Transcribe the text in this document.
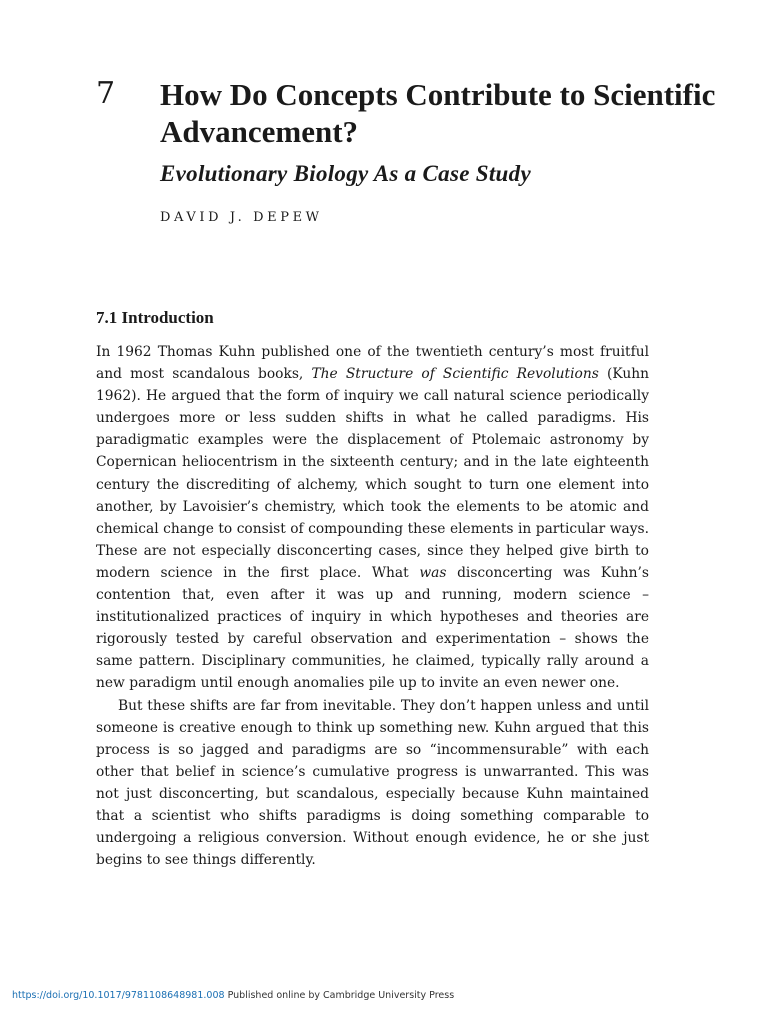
7 How Do Concepts Contribute to Scientific Advancement?
Evolutionary Biology As a Case Study
DAVID J. DEPEW
7.1 Introduction

In 1962 Thomas Kuhn published one of the twentieth century’s most fruitful and most scandalous books, The Structure of Scientific Revolutions (Kuhn 1962). He argued that the form of inquiry we call natural science periodically undergoes more or less sudden shifts in what he called paradigms. His paradigmatic examples were the displacement of Ptolemaic astronomy by Copernican heliocentrism in the sixteenth century; and in the late eighteenth century the discrediting of alchemy, which sought to turn one element into another, by Lavoisier’s chemistry, which took the elements to be atomic and chemical change to consist of compounding these elements in particular ways. These are not especially disconcerting cases, since they helped give birth to modern science in the first place. What was disconcerting was Kuhn’s contention that, even after it was up and running, modern science – institutionalized practices of inquiry in which hypotheses and theories are rigorously tested by careful observation and experimentation – shows the same pattern. Disciplinary communities, he claimed, typically rally around a new paradigm until enough anomalies pile up to invite an even newer one.

But these shifts are far from inevitable. They don’t happen unless and until someone is creative enough to think up something new. Kuhn argued that this process is so jagged and paradigms are so “incommensurable” with each other that belief in science’s cumulative progress is unwarranted. This was not just disconcerting, but scandalous, especially because Kuhn maintained that a scientist who shifts paradigms is doing something comparable to undergoing a religious conversion. Without enough evidence, he or she just begins to see things differently.

https://doi.org/10.1017/9781108648981.008 Published online by Cambridge University Press
